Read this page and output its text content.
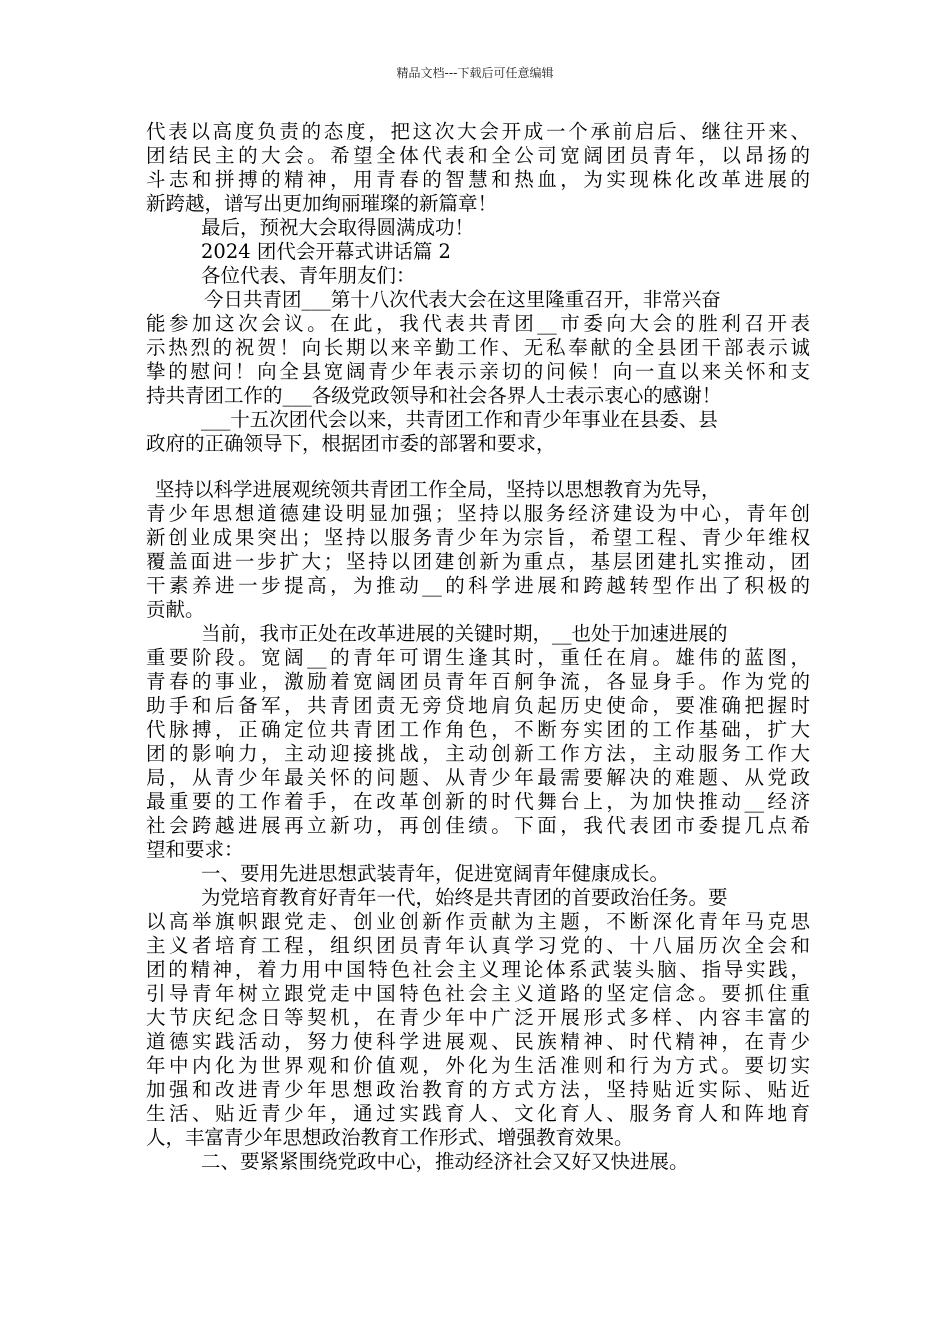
精品文档---下载后可任意编辑
代表以高度负责的态度，把这次大会开成一个承前启后、继往开来、
团结民主的大会。希望全体代表和全公司宽阔团员青年，以昂扬的
斗志和拼搏的精神，用青春的智慧和热血，为实现株化改革进展的
新跨越，谱写出更加绚丽璀璨的新篇章！
最后，预祝大会取得圆满成功！
2024 团代会开幕式讲话篇 2
各位代表、青年朋友们：
今日共青团___第十八次代表大会在这里隆重召开，非常兴奋
能参加这次会议。在此，我代表共青团__市委向大会的胜利召开表
示热烈的祝贺！向长期以来辛勤工作、无私奉献的全县团干部表示诚
挚的慰问！向全县宽阔青少年表示亲切的问候！向一直以来关怀和支
持共青团工作的___各级党政领导和社会各界人士表示衷心的感谢！
___十五次团代会以来，共青团工作和青少年事业在县委、县
政府的正确领导下，根据团市委的部署和要求，
坚持以科学进展观统领共青团工作全局，坚持以思想教育为先导，
青少年思想道德建设明显加强；坚持以服务经济建设为中心，青年创
新创业成果突出；坚持以服务青少年为宗旨，希望工程、青少年维权
覆盖面进一步扩大；坚持以团建创新为重点，基层团建扎实推动，团
干素养进一步提高，为推动__的科学进展和跨越转型作出了积极的
贡献。
当前，我市正处在改革进展的关键时期，__也处于加速进展的
重要阶段。宽阔__的青年可谓生逢其时，重任在肩。雄伟的蓝图，
青春的事业，激励着宽阔团员青年百舸争流，各显身手。作为党的
助手和后备军，共青团责无旁贷地肩负起历史使命，要准确把握时
代脉搏，正确定位共青团工作角色，不断夯实团的工作基础，扩大
团的影响力，主动迎接挑战，主动创新工作方法，主动服务工作大
局，从青少年最关怀的问题、从青少年最需要解决的难题、从党政
最重要的工作着手，在改革创新的时代舞台上，为加快推动__经济
社会跨越进展再立新功，再创佳绩。下面，我代表团市委提几点希
望和要求：
一、要用先进思想武装青年，促进宽阔青年健康成长。
为党培育教育好青年一代，始终是共青团的首要政治任务。要
以高举旗帜跟党走、创业创新作贡献为主题，不断深化青年马克思
主义者培育工程，组织团员青年认真学习党的、十八届历次全会和
团的精神，着力用中国特色社会主义理论体系武装头脑、指导实践，
引导青年树立跟党走中国特色社会主义道路的坚定信念。要抓住重
大节庆纪念日等契机，在青少年中广泛开展形式多样、内容丰富的
道德实践活动，努力使科学进展观、民族精神、时代精神，在青少
年中内化为世界观和价值观，外化为生活准则和行为方式。要切实
加强和改进青少年思想政治教育的方式方法，坚持贴近实际、贴近
生活、贴近青少年，通过实践育人、文化育人、服务育人和阵地育
人，丰富青少年思想政治教育工作形式、增强教育效果。
二、要紧紧围绕党政中心，推动经济社会又好又快进展。
